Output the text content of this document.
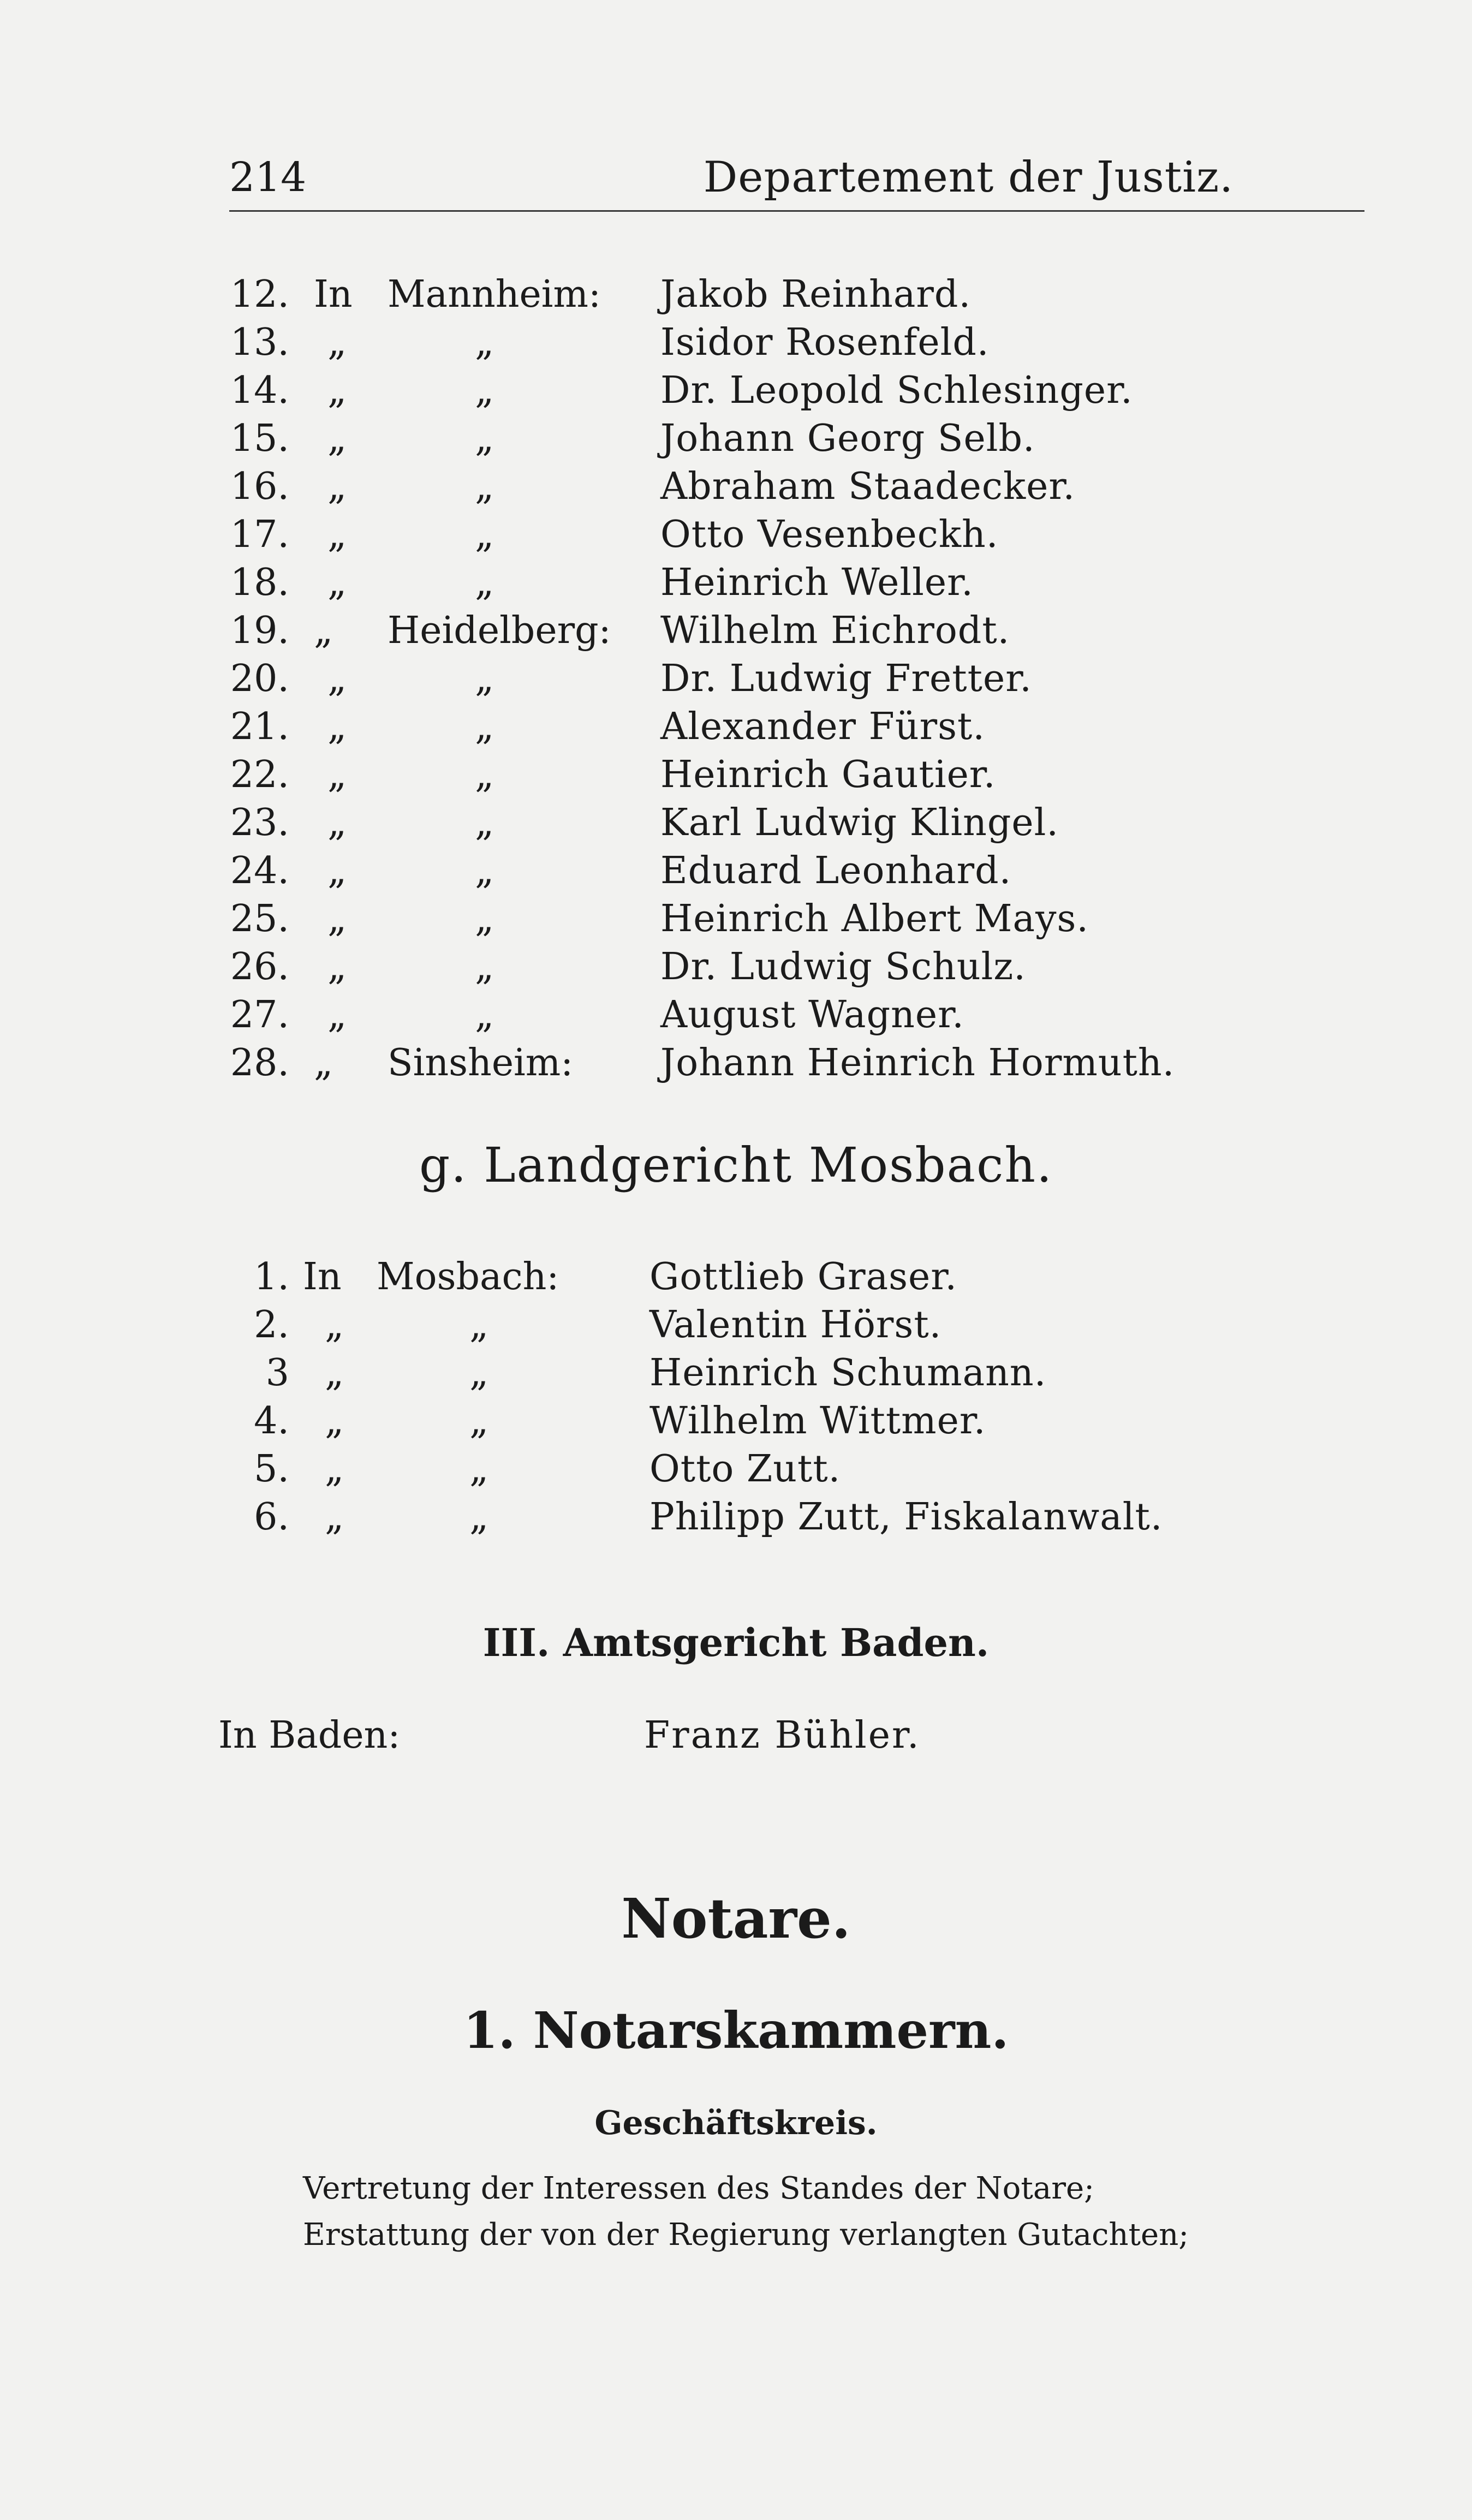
214	Departement der Justiz.
12. In Mannheim: Jakob Reinhard.
13. „	„	Isidor Rosenfeld.
14. „	„	Dr. Leopold Schlesinger.
15. „	„	Johann Georg Selb.
16. „	„	Abraham Staadecker.
17. „	„	Otto Vesenbeckh.
18. „	„	Heinrich Weller.
19. „ Heidelberg: Wilhelm Eichrodt.
20. „	„	Dr. Ludwig Fretter.
21. „	„	Alexander Fürst.
22. „	„	Heinrich Gautier.
23. „	„	Karl Ludwig Klingel.
24. „	„	Eduard Leonhard.
25. „	„	Heinrich Albert Mays.
26. „	„	Dr. Ludwig Schulz.
27. „	„	August Wagner.
28. „ Sinsheim: Johann Heinrich Hormuth.
g. Landgericht Mosbach.
1. In Mosbach: Gottlieb Graser.
2. „	„	Valentin Hörst.
3 „	„	Heinrich Schumann.
4. „	„	Wilhelm Wittmer.
5. „	„	Otto Zutt.
6. „	„	Philipp Zutt, Fiskalanwalt.
III. Amtsgericht Baden.
In Baden:	Franz Bühler.
Notare.
1. Notarskammern.
Geschäftskreis.
Vertretung der Interessen des Standes der Notare;
Erstattung der von der Regierung verlangten Gutachten;
